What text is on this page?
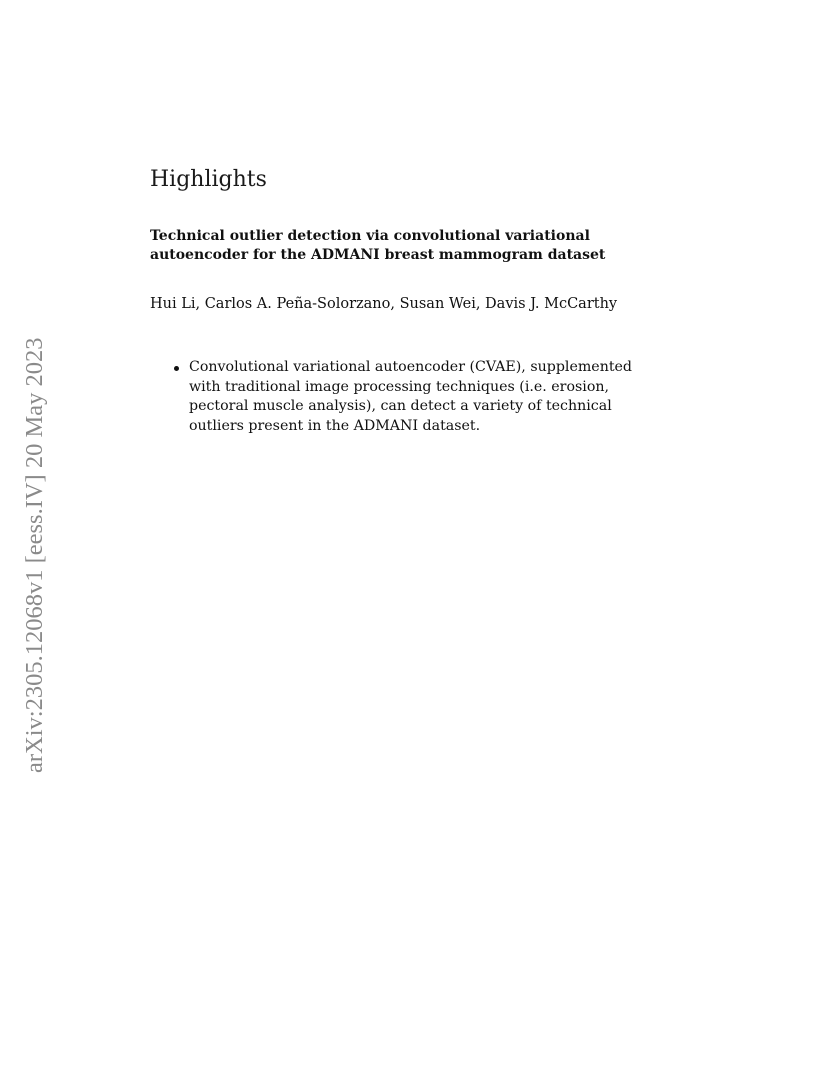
arXiv:2305.12068v1 [eess.IV] 20 May 2023
Highlights
Technical outlier detection via convolutional variational autoencoder for the ADMANI breast mammogram dataset
Hui Li, Carlos A. Peña-Solorzano, Susan Wei, Davis J. McCarthy
Convolutional variational autoencoder (CVAE), supplemented with traditional image processing techniques (i.e. erosion, pectoral muscle analysis), can detect a variety of technical outliers present in the ADMANI dataset.
